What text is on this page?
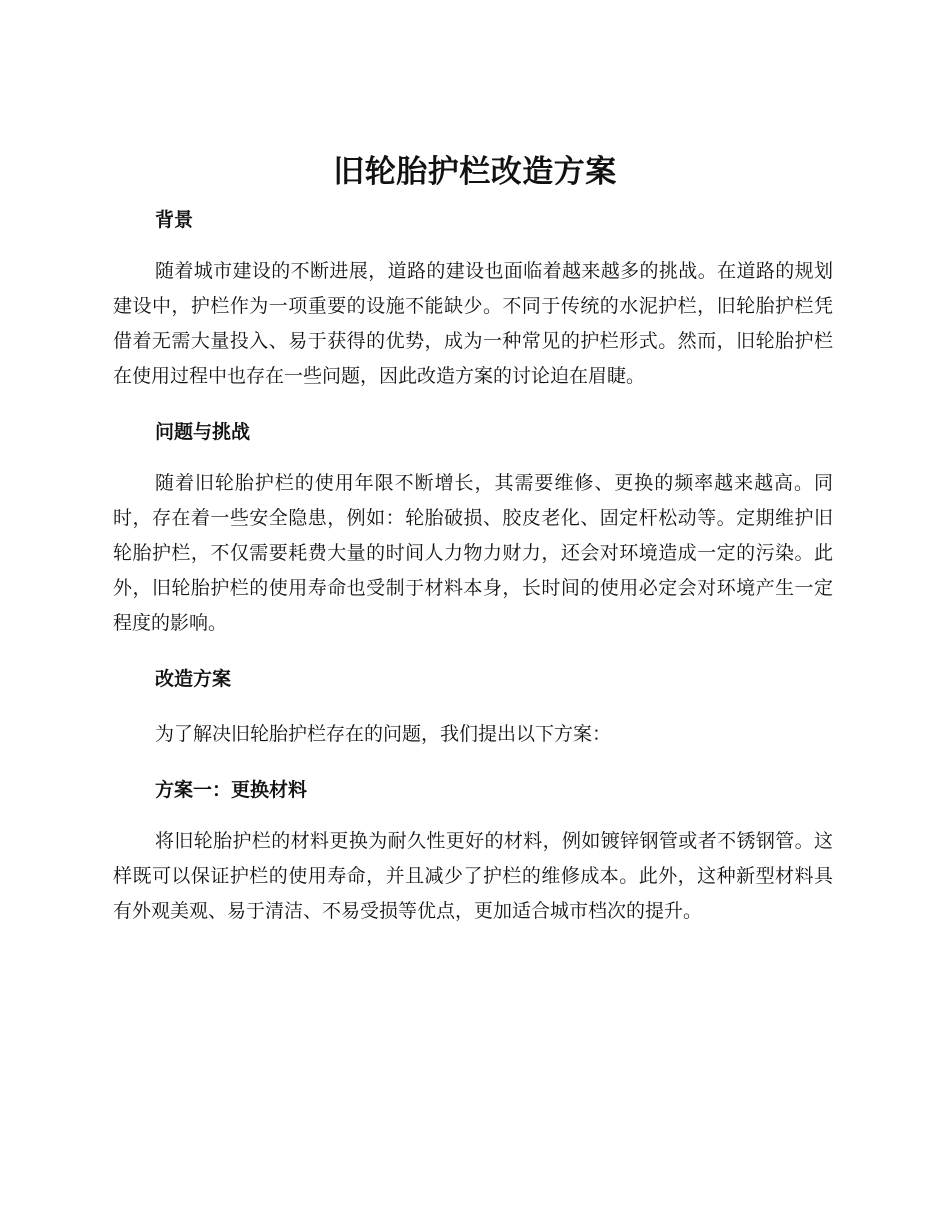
旧轮胎护栏改造方案
背景

随着城市建设的不断进展，道路的建设也面临着越来越多的挑战。在道路的规划建设中，护栏作为一项重要的设施不能缺少。不同于传统的水泥护栏，旧轮胎护栏凭借着无需大量投入、易于获得的优势，成为一种常见的护栏形式。然而，旧轮胎护栏在使用过程中也存在一些问题，因此改造方案的讨论迫在眉睫。

问题与挑战

随着旧轮胎护栏的使用年限不断增长，其需要维修、更换的频率越来越高。同时，存在着一些安全隐患，例如：轮胎破损、胶皮老化、固定杆松动等。定期维护旧轮胎护栏，不仅需要耗费大量的时间人力物力财力，还会对环境造成一定的污染。此外，旧轮胎护栏的使用寿命也受制于材料本身，长时间的使用必定会对环境产生一定程度的影响。

改造方案

为了解决旧轮胎护栏存在的问题，我们提出以下方案：

方案一：更换材料

将旧轮胎护栏的材料更换为耐久性更好的材料，例如镀锌钢管或者不锈钢管。这样既可以保证护栏的使用寿命，并且减少了护栏的维修成本。此外，这种新型材料具有外观美观、易于清洁、不易受损等优点，更加适合城市档次的提升。
